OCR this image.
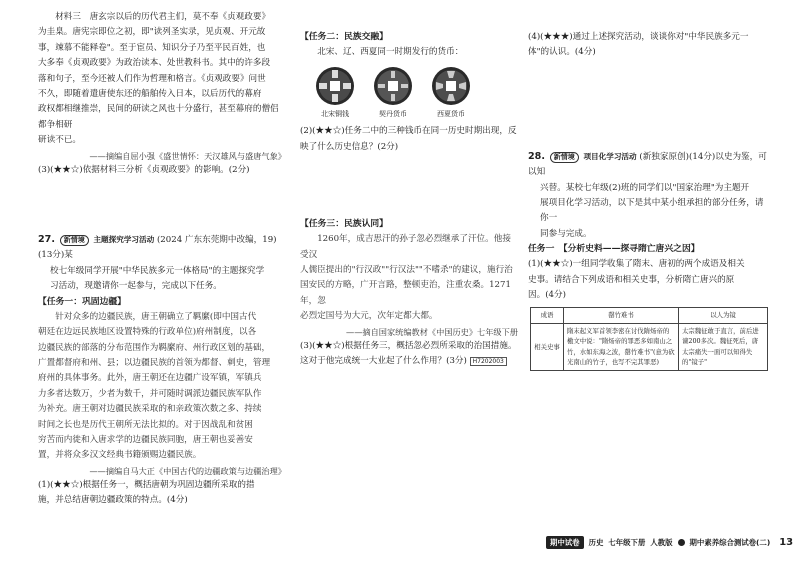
材料三　唐玄宗以后的历代君主们，莫不奉《贞观政要》

为圭臬。唐宪宗即位之初，即"读列圣实录，见贞观、开元故

事，竦慕不能释卷"。至于宦员、知识分子乃至平民百姓，也

大多奉《贞观政要》为政治读本、处世教科书。其中的许多段

落和句子，至今还被人们作为哲理和格言。《贞观政要》问世

不久，即随着遣唐使东还的船舶传入日本，以后历代的幕府

政权都相继推崇，民间的研读之风也十分盛行，甚至幕府的僧侣都争相研

研读不已。

——摘编自屈小强《盛世情怀：天汉雄风与盛唐气象》

(3)(★★☆)依据材料三分析《贞观政要》的影响。(2分)

27. 新情境 主题探究学习活动 (2024 广东东莞期中改编，19)(13分)某

校七年级同学开展"中华民族多元一体格局"的主题探究学

习活动，现邀请你一起参与，完成以下任务。

【任务一：巩固边疆】

针对众多的边疆民族，唐王朝确立了羁縻(即中国古代

朝廷在边远民族地区设置特殊的行政单位)府州制度，以各

边疆民族的部落的分布范围作为羁縻府、州行政区划的基础，

广置都督府和州、县；以边疆民族的首领为都督、刺史，管理

府州的具体事务。此外，唐王朝还在边疆广设军镇，军镇兵

力多者达数万，少者为数千，并可随时调派边疆民族军队作

为补充。唐王朝对边疆民族采取的和亲政策次数之多、持续

时间之长也是历代王朝所无法比拟的。对于因战乱和贫困

穷苦而内徙和入唐求学的边疆民族同胞，唐王朝也妥善安

置，并将众多汉文经典书籍颁赐边疆民族。

——摘编自马大正《中国古代的边疆政策与边疆治理》

(1)(★★☆)根据任务一，概括唐朝为巩固边疆所采取的措

施，并总结唐朝边疆政策的特点。(4分)

【任务二：民族交融】

北宋、辽、西夏同一时期发行的货币：

北宋铜钱	契丹货币	西夏货币

(2)(★★☆)任务二中的三种钱币在同一历史时期出现，反

映了什么历史信息？(2分)

【任务三：民族认同】

1260年，成吉思汗的孙子忽必烈继承了汗位。他接受汉

人儒臣提出的"行汉政""行汉法""不嗜杀"的建议，施行治

国安民的方略，广开言路，整顿吏治，注重农桑。1271年，忽

必烈定国号为大元，次年定都大都。

——摘自国家统编教材《中国历史》七年级下册

(3)(★★☆)根据任务三，概括忽必烈所采取的治国措施。

这对于他完成统一大业起了什么作用？(3分) H7202003

(4)(★★★)通过上述探究活动，谈谈你对"中华民族多元一

体"的认识。(4分)

28. 新情境 项目化学习活动 (新独家原创)(14分)以史为鉴，可以知

兴替。某校七年级(2)班的同学们以"国家治理"为主题开

展项目化学习活动，以下是其中某小组承担的部分任务，请你一

同参与完成。

任务一　【分析史料——探寻隋亡唐兴之因】

(1)(★★☆)一组同学收集了隋末、唐初的两个成语及相关

史事。请结合下列成语和相关史事，分析隋亡唐兴的原

因。(4分)

成语	罄竹难书	以人为镜
相关史事	隋末起义军首领李密在讨伐隋炀帝的檄文中说："隋炀帝的罪恶多如南山之竹，水如东海之波，罄竹难书"(意为砍光南山的竹子，也写不完其罪恶)	太宗魏征敢于直言，前后进谏200多次。魏征死后，唐太宗痛失一面可以知得失的"镜子"
期中试卷	历史 七年级下册 人教版 期中素养综合测试卷(二) 13
